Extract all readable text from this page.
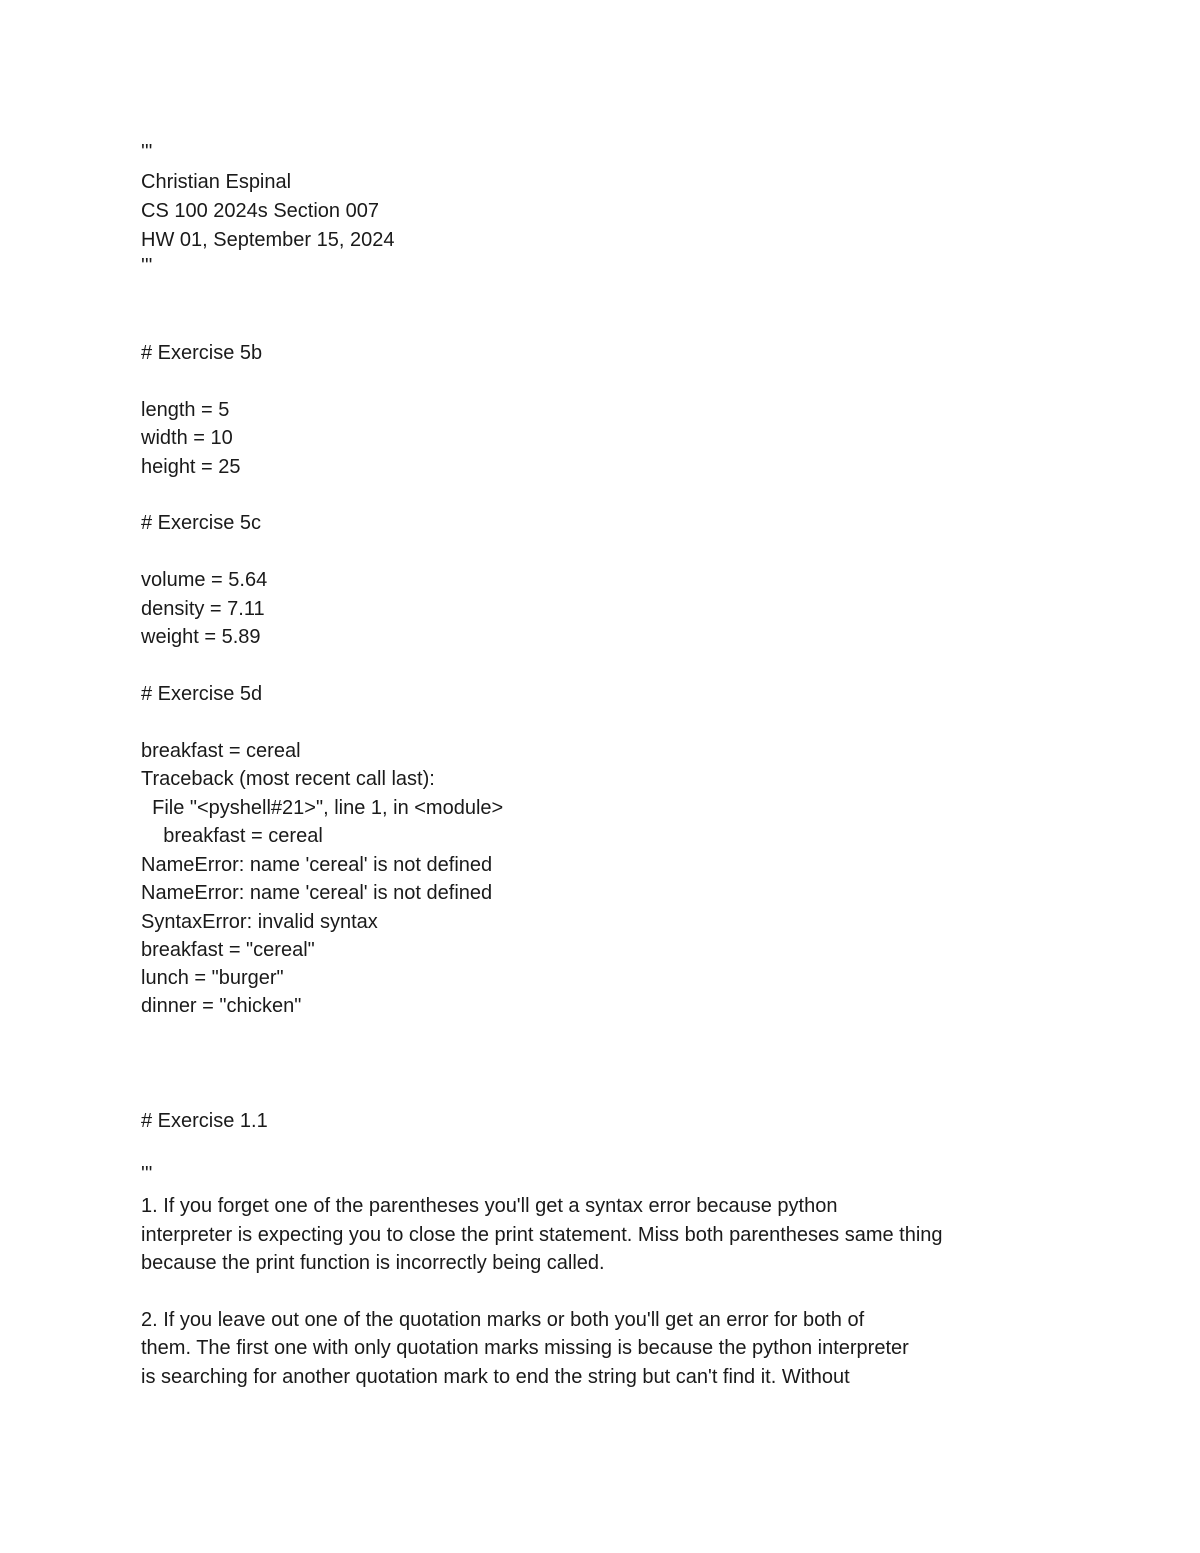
'''

Christian Espinal

CS 100 2024s Section 007

HW 01, September 15, 2024

'''

# Exercise 5b

length = 5

width = 10

height = 25

# Exercise 5c

volume = 5.64

density = 7.11

weight = 5.89

# Exercise 5d

breakfast = cereal

Traceback (most recent call last):

File "<pyshell#21>", line 1, in <module>

breakfast = cereal

NameError: name 'cereal' is not defined

NameError: name 'cereal' is not defined

SyntaxError: invalid syntax

breakfast = "cereal"

lunch = "burger"

dinner = "chicken"

# Exercise 1.1

'''

1. If you forget one of the parentheses you'll get a syntax error because python

interpreter is expecting you to close the print statement. Miss both parentheses same thing

because the print function is incorrectly being called.

2. If you leave out one of the quotation marks or both you'll get an error for both of

them. The first one with only quotation marks missing is because the python interpreter

is searching for another quotation mark to end the string but can't find it. Without
